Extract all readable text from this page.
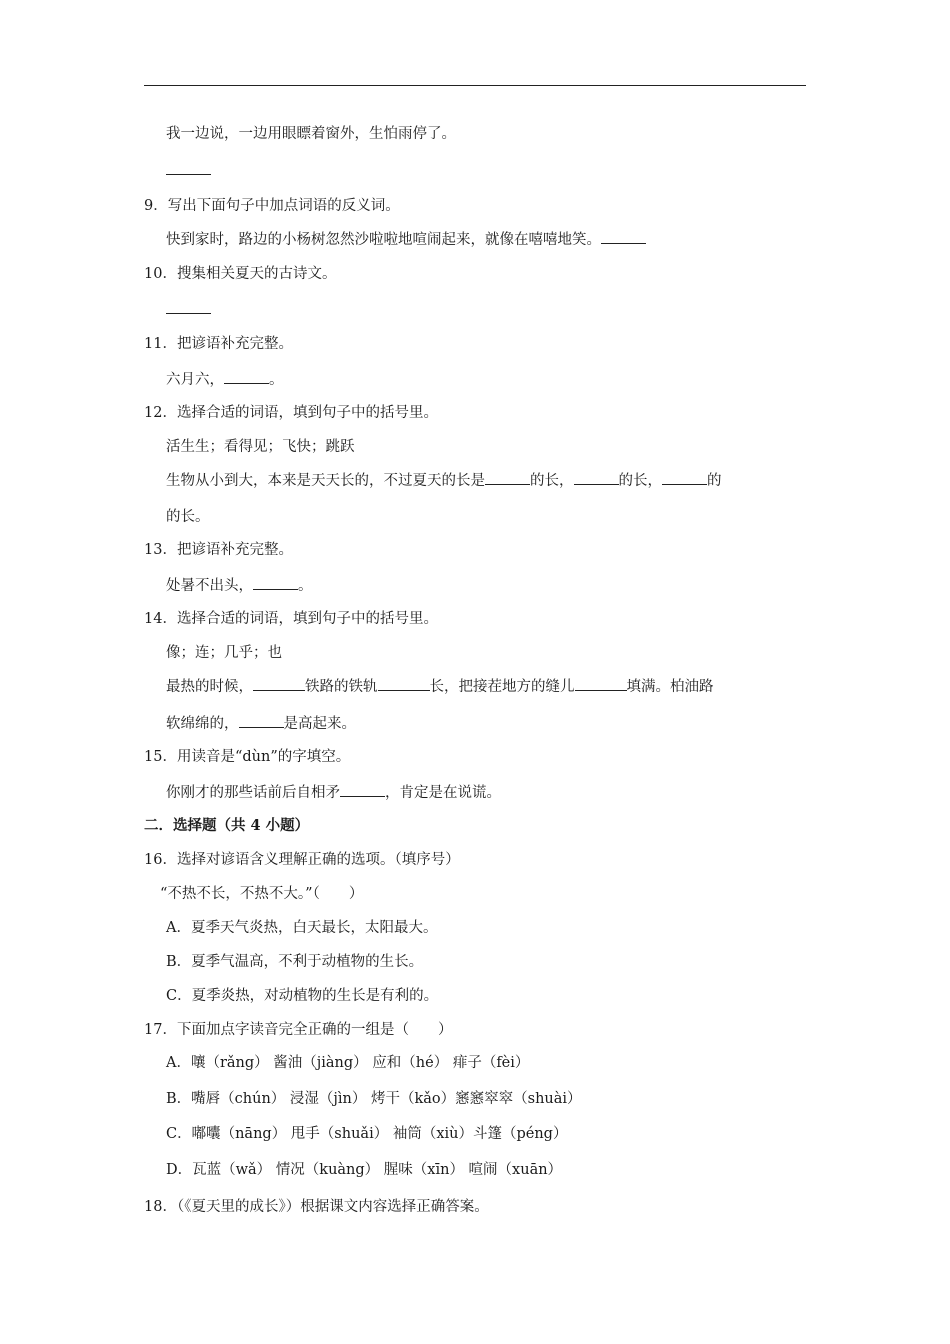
我一边说，一边用眼瞟着窗外，生怕雨停了。
9．写出下面句子中加点词语的反义词。
快到家时，路边的小杨树忽然沙啦啦地喧闹起来，就像在嘻嘻地笑。
10．搜集相关夏天的古诗文。
11．把谚语补充完整。
六月六，	。
12．选择合适的词语，填到句子中的括号里。
活生生；看得见；飞快；跳跃
生物从小到大，本来是天天长的，不过夏天的长是	的长，	的长，	的
的长。
13．把谚语补充完整。
处暑不出头，	。
14．选择合适的词语，填到句子中的括号里。
像；连；几乎；也
最热的时候，	铁路的铁轨	长，把接茬地方的缝儿	填满。柏油路
软绵绵的，	是高起来。
15．用读音是“dùn”的字填空。
你刚才的那些话前后自相矛	，肯定是在说谎。
二．选择题（共 4 小题）
16．选择对谚语含义理解正确的选项。（填序号）
“不热不长，不热不大。”（　　）
A．夏季天气炎热，白天最长，太阳最大。
B．夏季气温高，不利于动植物的生长。
C．夏季炎热，对动植物的生长是有利的。
17．下面加点字读音完全正确的一组是（　　）
A．嚷（rǎng） 酱油（jiàng） 应和（hé） 痱子（fèi）
B．嘴唇（chún） 浸湿（jìn） 烤干（kǎo）窸窸窣窣（shuài）
C．嘟囔（nāng） 甩手（shuǎi） 袖筒（xiù）斗篷（péng）
D．瓦蓝（wǎ） 情况（kuàng） 腥味（xīn） 喧闹（xuān）
18．（《夏天里的成长》）根据课文内容选择正确答案。
